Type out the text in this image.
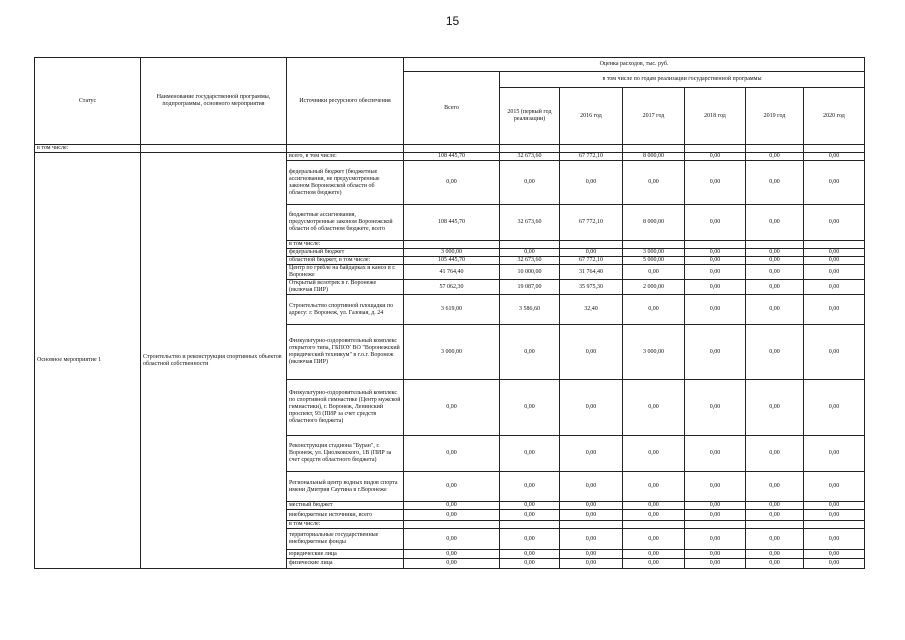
15
Статус	Наименование государственной программы, подпрограммы, основного мероприятия	Источники ресурсного обеспечения	Оценка расходов, тыс. руб.						
			Всего	в том числе по годам реализации государственной программы					
				2015 (первый год реализации)	2016 год	2017 год	2018 год	2019 год	2020 год
в том числе:									
Основное мероприятие 1	Строительство и реконструкция спортивных объектов областной собственности	всего, в том числе:	108 445,70	32 673,60	67 772,10	8 000,00	0,00	0,00	0,00
		федеральный бюджет (бюджетные ассигнования, не предусмотренные законом Воронежской области об областном бюджете)	0,00	0,00	0,00	0,00	0,00	0,00	0,00
		бюджетные ассигнования, предусмотренные законом Воронежской области об областном бюджете, всего	108 445,70	32 673,60	67 772,10	8 000,00	0,00	0,00	0,00
		в том числе:							
		федеральный бюджет	3 000,00	0,00	0,00	3 000,00	0,00	0,00	0,00
		областной бюджет, в том числе:	105 445,70	32 673,60	67 772,10	5 000,00	0,00	0,00	0,00
		Центр по гребле на байдарках и каноэ в г. Воронеже	41 764,40	10 000,00	31 764,40	0,00	0,00	0,00	0,00
		Открытый велотрек в г. Воронеже (включая ПИР)	57 062,30	19 087,00	35 975,30	2 000,00	0,00	0,00	0,00
		Строительство спортивной площадки по адресу: г. Воронеж, ул. Газовая, д. 24	3 619,00	3 586,60	32,40	0,00	0,00	0,00	0,00
		Физкультурно-оздоровительный комплекс открытого типа, ГБПОУ ВО "Воронежский юридический техникум" в г.о.г. Воронеж (включая ПИР)	3 000,00	0,00	0,00	3 000,00	0,00	0,00	0,00
		Физкультурно-оздоровительный комплекс по спортивной гимнастике (Центр мужской гимнастики), г. Воронеж, Ленинский проспект, 93 (ПИР за счет средств областного бюджета)	0,00	0,00	0,00	0,00	0,00	0,00	0,00
		Реконструкция стадиона "Буран", г. Воронеж, ул. Циолковского, 1В (ПИР за счет средств областного бюджета)	0,00	0,00	0,00	0,00	0,00	0,00	0,00
		Региональный центр водных видов спорта имени Дмитрия Саутина в г.Воронеже	0,00	0,00	0,00	0,00	0,00	0,00	0,00
		местный бюджет	0,00	0,00	0,00	0,00	0,00	0,00	0,00
		внебюджетные источники, всего	0,00	0,00	0,00	0,00	0,00	0,00	0,00
		в том числе:							
		территориальные государственные внебюджетные фонды	0,00	0,00	0,00	0,00	0,00	0,00	0,00
		юридические лица	0,00	0,00	0,00	0,00	0,00	0,00	0,00
		физические лица	0,00	0,00	0,00	0,00	0,00	0,00	0,00
